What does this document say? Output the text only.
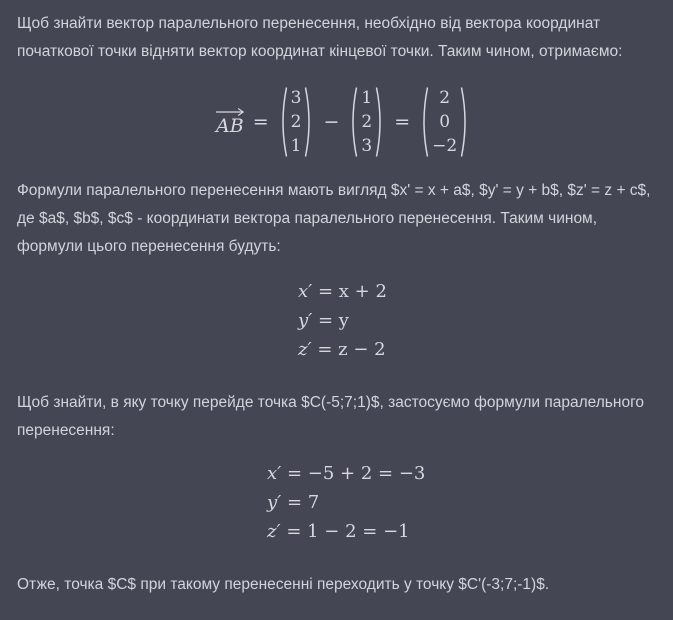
Щоб знайти вектор паралельного перенесення, необхідно від вектора координат початкової точки відняти вектор координат кінцевої точки. Таким чином, отримаємо:

AB =
3
2
1
−
1
2
3
=
2
0
−2

Формули паралельного перенесення мають вигляд $x' = x + a$, $y' = y + b$, $z' = z + c$, де $a$, $b$, $c$ - координати вектора паралельного перенесення. Таким чином, формули цього перенесення будуть:

x′ = x + 2
y′ = y
z′ = z − 2

Щоб знайти, в яку точку перейде точка $C(-5;7;1)$, застосуємо формули паралельного перенесення:

x′ = −5 + 2 = −3
y′ = 7
z′ = 1 − 2 = −1

Отже, точка $C$ при такому перенесенні переходить у точку $C'(-3;7;-1)$.
